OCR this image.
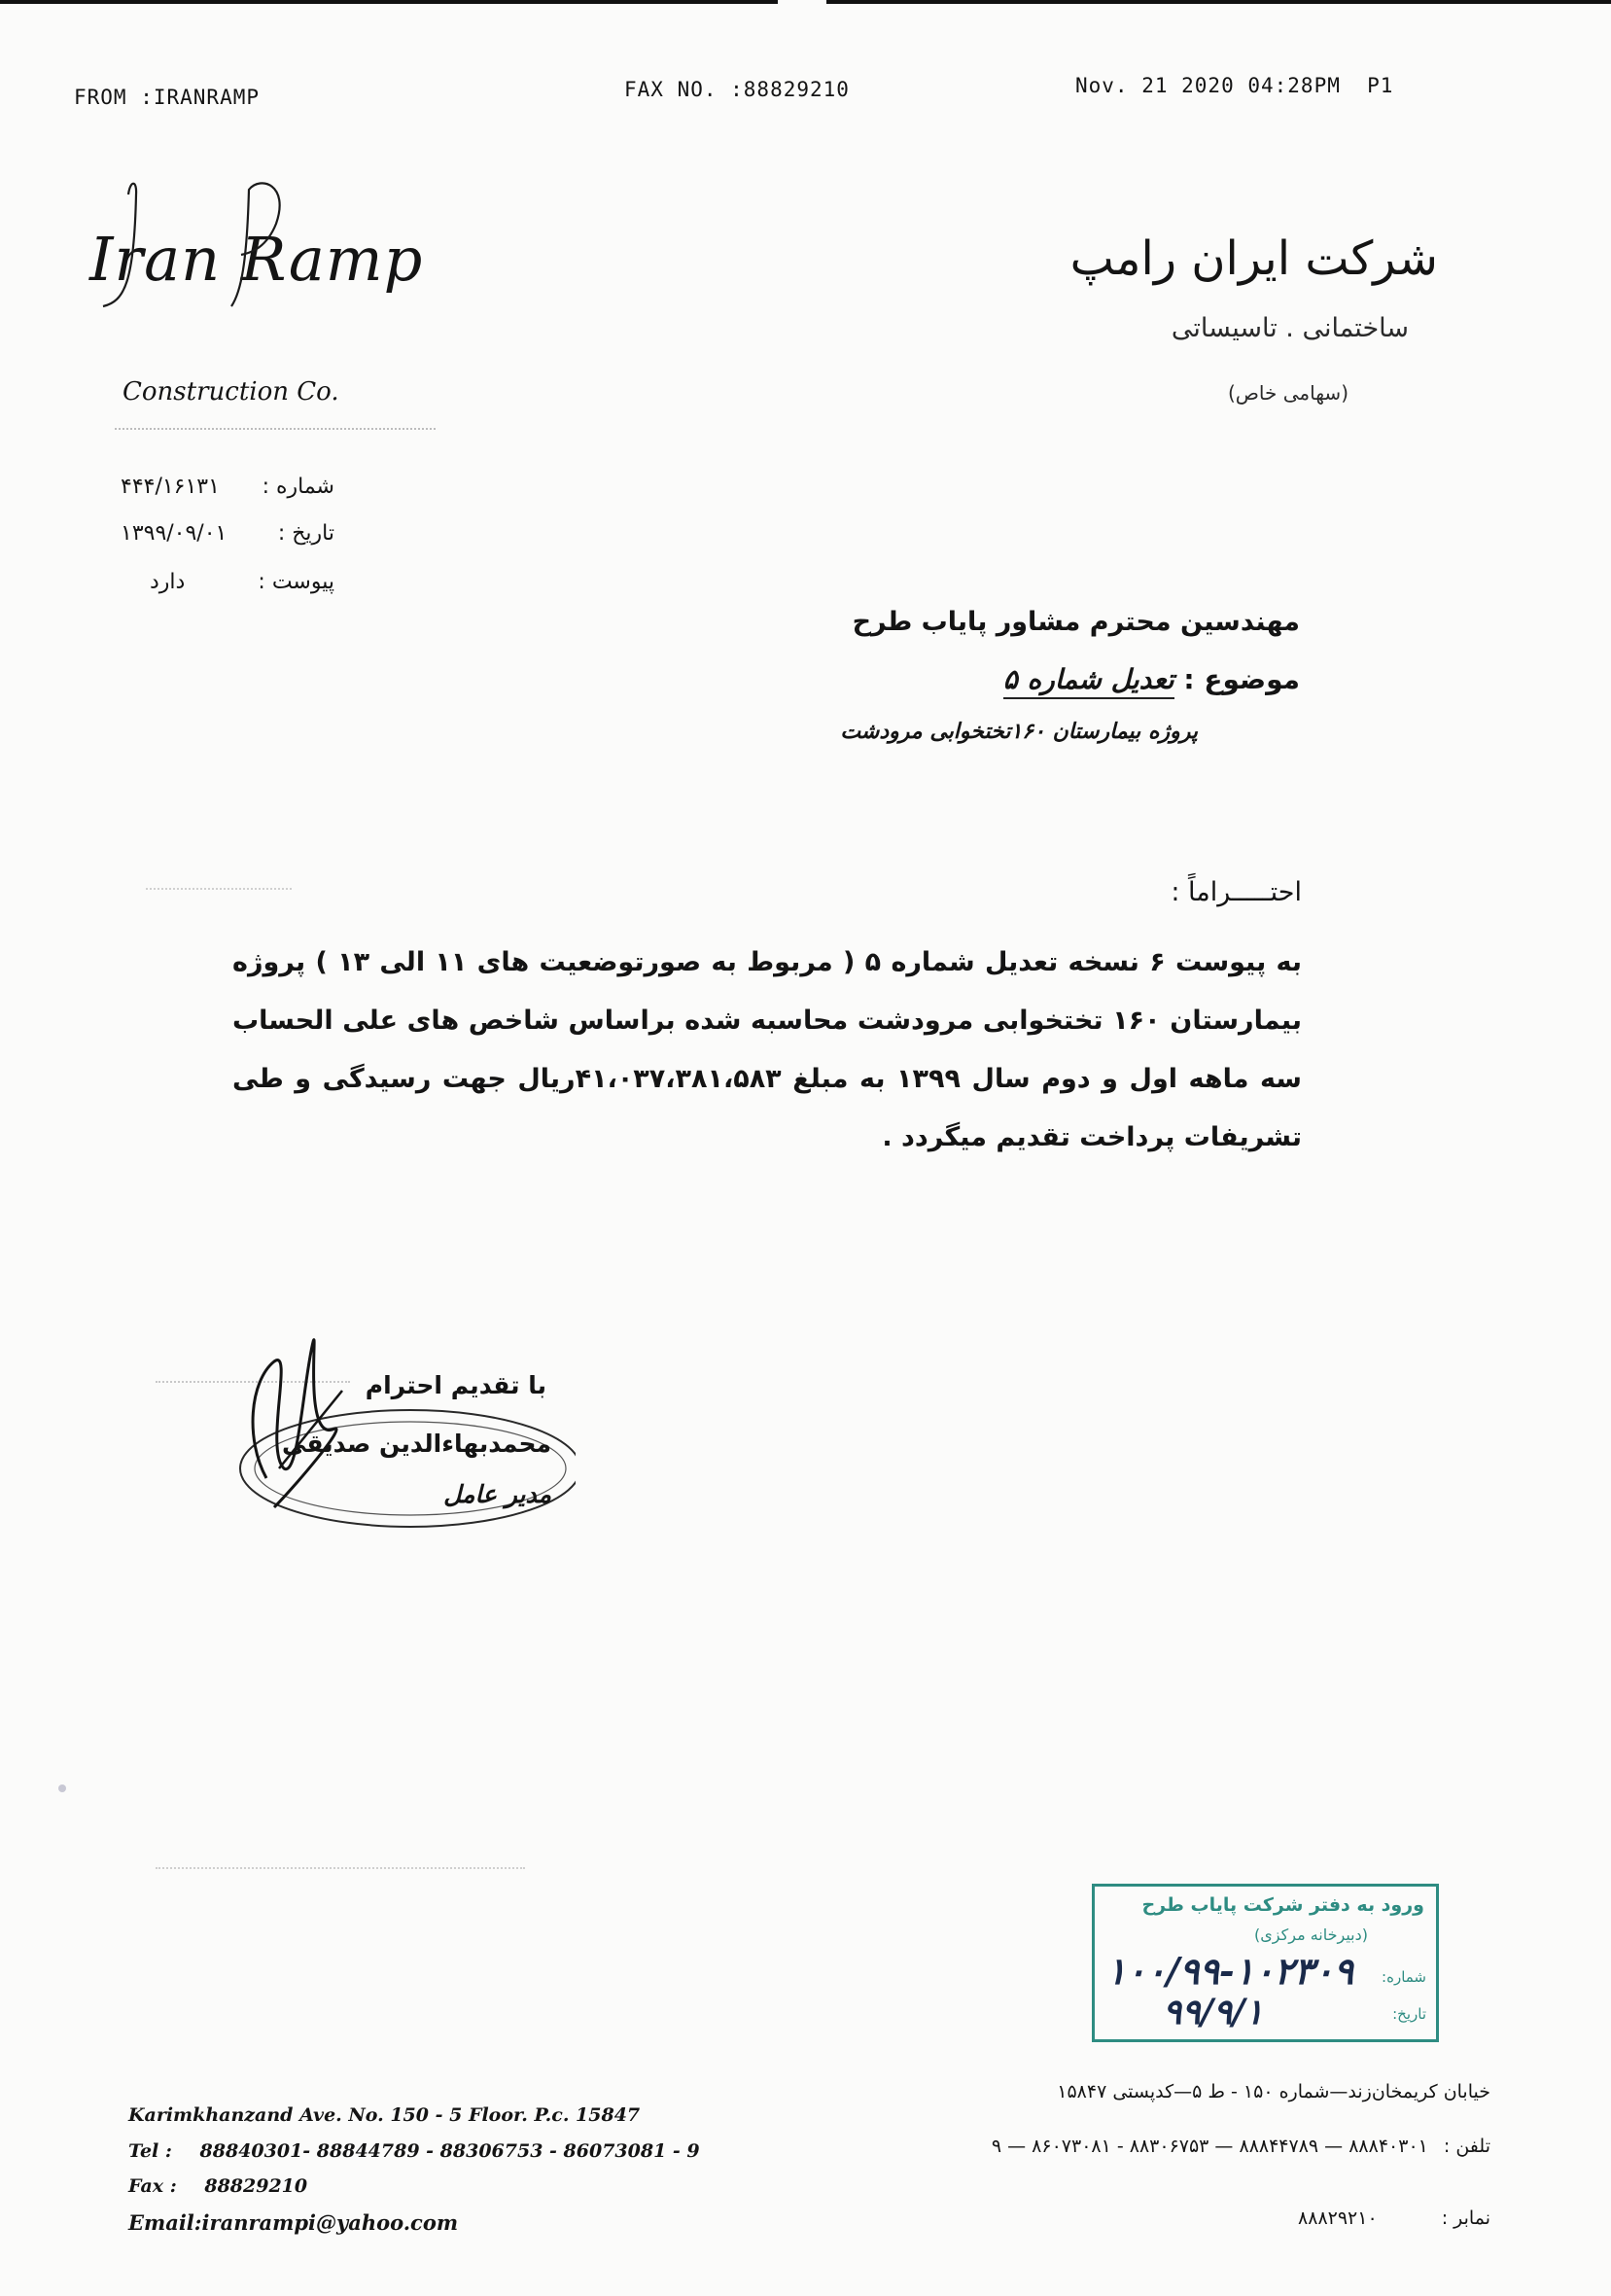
FROM :IRANRAMP	FAX NO. :88829210	Nov. 21 2020 04:28PM  P1
Iran Ramp
Construction Co.
شرکت ایران رامپ
ساختمانی . تاسیساتی
(سهامی خاص)
شماره :
۴۴۴/۱۶۱۳۱
تاریخ :
۱۳۹۹/۰۹/۰۱
پیوست :
دارد
مهندسین محترم مشاور پایاب طرح
موضوع : تعدیل شماره ۵
پروژه بیمارستان ۱۶۰تختخوابی مرودشت
احتـــــراماً :
به پیوست ۶ نسخه تعدیل شماره ۵ ( مربوط به صورتوضعیت های ۱۱ الی ۱۳ ) پروژه بیمارستان ۱۶۰ تختخوابی مرودشت محاسبه شده براساس شاخص های علی الحساب سه ماهه اول و دوم سال ۱۳۹۹ به مبلغ ۴۱،۰۳۷،۳۸۱،۵۸۳ریال جهت رسیدگی و طی تشریفات پرداخت تقدیم میگردد .
با تقدیم احترام
محمدبهاءالدین صدیقی
مدیر عامل
ورود به دفتر شرکت پایاب طرح
(دبیرخانه مرکزی)
شماره:
تاریخ:
۱۰۰/۹۹-۱۰۲۳۰۹
۹۹/۹/۱
Karimkhanzand Ave. No. 150 - 5 Floor. P.c. 15847
Tel : 88840301- 88844789 - 88306753 - 86073081 - 9
Fax : 88829210
Email:iranrampi@yahoo.com
خیابان کریمخان‌زند—شماره ۱۵۰ - ط ۵—کدپستی ۱۵۸۴۷
تلفن : ۸۸۸۴۰۳۰۱ — ۸۸۸۴۴۷۸۹ — ۸۸۳۰۶۷۵۳ - ۸۶۰۷۳۰۸۱ — ۹
نمابر : ۸۸۸۲۹۲۱۰
